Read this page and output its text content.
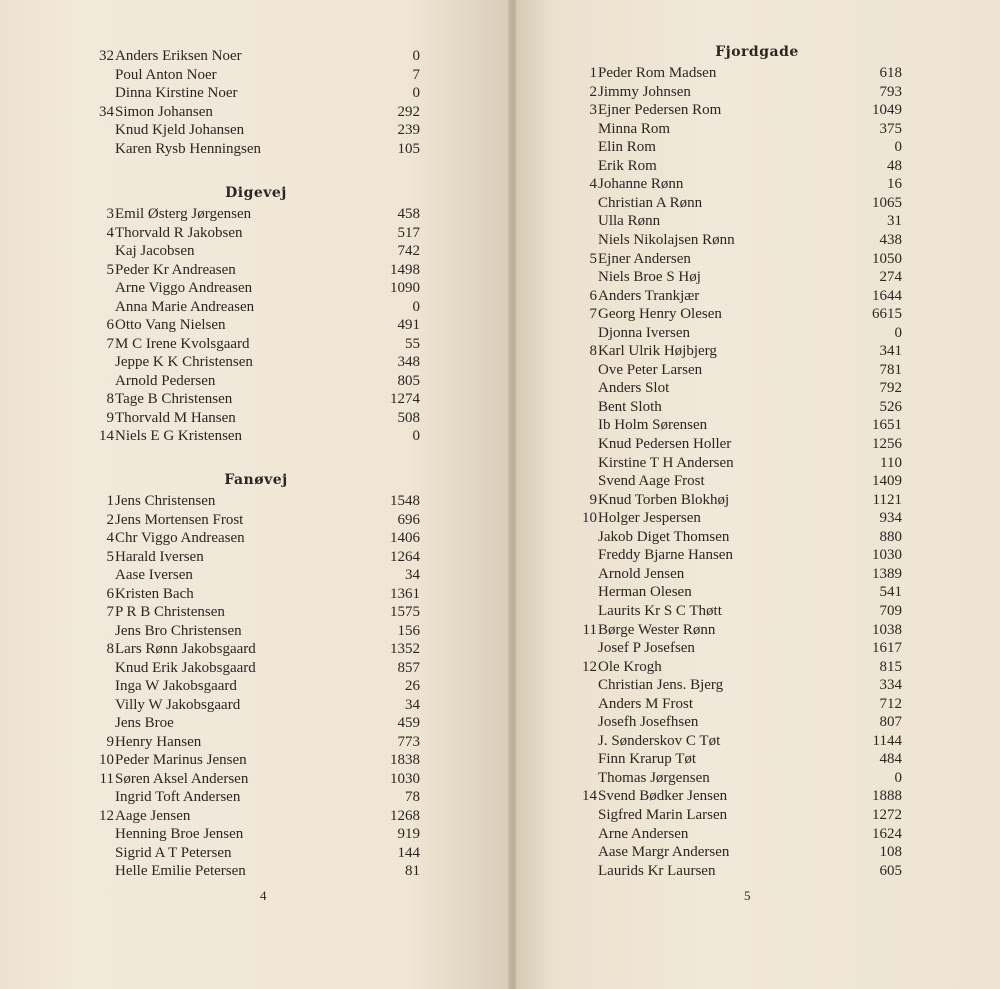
32 Anders Eriksen Noer	0
Poul Anton Noer	7
Dinna Kirstine Noer	0
34 Simon Johansen	292
Knud Kjeld Johansen	239
Karen Rysb Henningsen	105
Digevej
3 Emil Østerg Jørgensen	458
4 Thorvald R Jakobsen	517
Kaj Jacobsen	742
5 Peder Kr Andreasen	1498
Arne Viggo Andreasen	1090
Anna Marie Andreasen	0
6 Otto Vang Nielsen	491
7 M C Irene Kvolsgaard	55
Jeppe K K Christensen	348
Arnold Pedersen	805
8 Tage B Christensen	1274
9 Thorvald M Hansen	508
14 Niels E G Kristensen	0
Fanøvej
1 Jens Christensen	1548
2 Jens Mortensen Frost	696
4 Chr Viggo Andreasen	1406
5 Harald Iversen	1264
Aase Iversen	34
6 Kristen Bach	1361
7 P R B Christensen	1575
Jens Bro Christensen	156
8 Lars Rønn Jakobsgaard	1352
Knud Erik Jakobsgaard	857
Inga W Jakobsgaard	26
Villy W Jakobsgaard	34
Jens Broe	459
9 Henry Hansen	773
10 Peder Marinus Jensen	1838
11 Søren Aksel Andersen	1030
Ingrid Toft Andersen	78
12 Aage Jensen	1268
Henning Broe Jensen	919
Sigrid A T Petersen	144
Helle Emilie Petersen	81
4
Fjordgade
1 Peder Rom Madsen	618
2 Jimmy Johnsen	793
3 Ejner Pedersen Rom	1049
Minna Rom	375
Elin Rom	0
Erik Rom	48
4 Johanne Rønn	16
Christian A Rønn	1065
Ulla Rønn	31
Niels Nikolajsen Rønn	438
5 Ejner Andersen	1050
Niels Broe S Høj	274
6 Anders Trankjær	1644
7 Georg Henry Olesen	6615
Djonna Iversen	0
8 Karl Ulrik Højbjerg	341
Ove Peter Larsen	781
Anders Slot	792
Bent Sloth	526
Ib Holm Sørensen	1651
Knud Pedersen Holler	1256
Kirstine T H Andersen	110
Svend Aage Frost	1409
9 Knud Torben Blokhøj	1121
10 Holger Jespersen	934
Jakob Diget Thomsen	880
Freddy Bjarne Hansen	1030
Arnold Jensen	1389
Herman Olesen	541
Laurits Kr S C Thøtt	709
11 Børge Wester Rønn	1038
Josef P Josefsen	1617
12 Ole Krogh	815
Christian Jens. Bjerg	334
Anders M Frost	712
Josefh Josefhsen	807
J. Sønderskov C Tøt	1144
Finn Krarup Tøt	484
Thomas Jørgensen	0
14 Svend Bødker Jensen	1888
Sigfred Marin Larsen	1272
Arne Andersen	1624
Aase Margr Andersen	108
Laurids Kr Laursen	605
5
